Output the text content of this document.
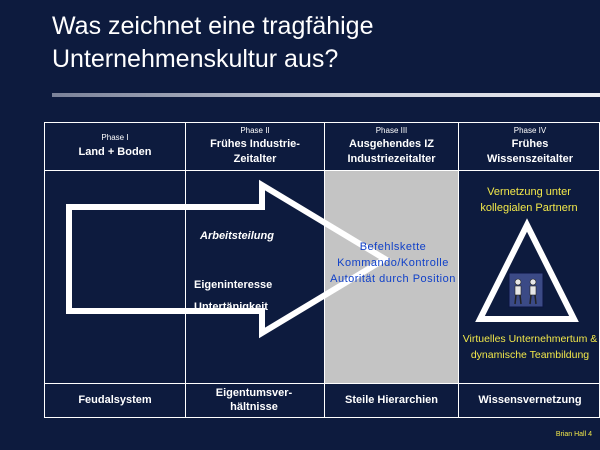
Was zeichnet eine tragfähige
Unternehmenskultur aus?
Phase I
Land + Boden
Phase II
Frühes Industrie-Zeitalter
Phase III
Ausgehendes IZ Industriezeitalter
Phase IV
Frühes Wissenszeitalter
Arbeitsteilung
Eigeninteresse
Untertänigkeit
Befehlskette Kommando/Kontrolle Autorität durch Position
Vernetzung unter kollegialen Partnern
Virtuelles Unternehmertum & dynamische Teambildung
Feudalsystem
Eigentumsver-hältnisse
Steile Hierarchien	Wissensvernetzung
Brian Hall 4
